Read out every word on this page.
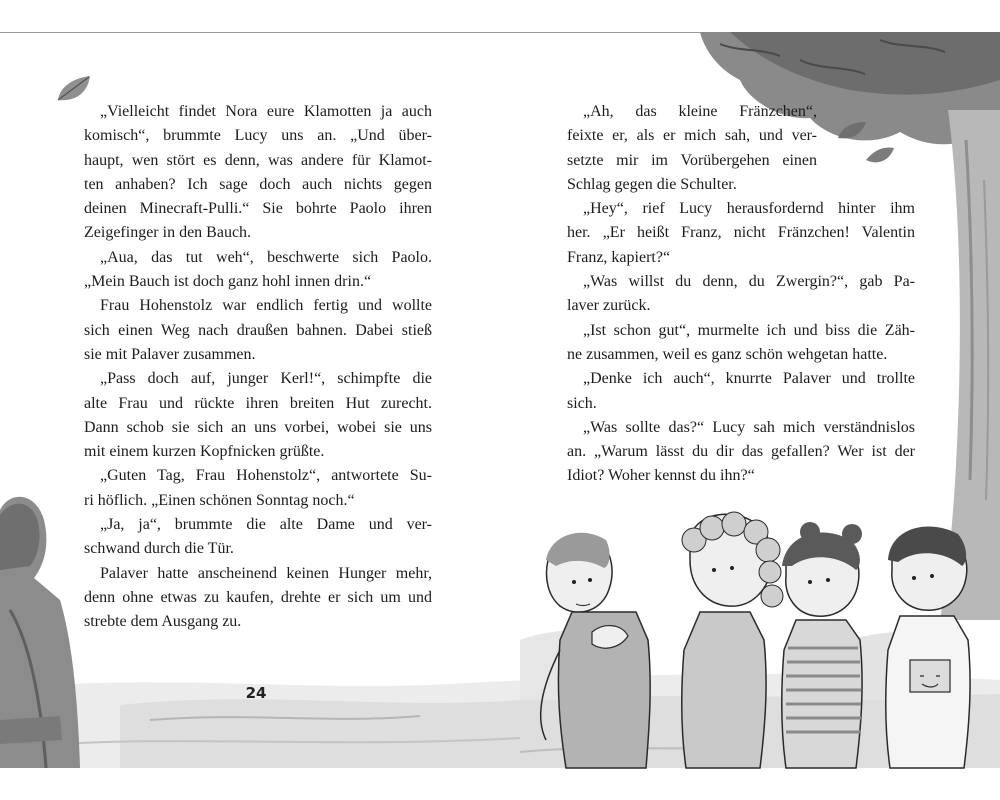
„Vielleicht findet Nora eure Klamotten ja auch

komisch“, brummte Lucy uns an. „Und über-

haupt, wen stört es denn, was andere für Klamot-

ten anhaben? Ich sage doch auch nichts gegen

deinen Minecraft-Pulli.“ Sie bohrte Paolo ihren

Zeigefinger in den Bauch.

„Aua, das tut weh“, beschwerte sich Paolo.

„Mein Bauch ist doch ganz hohl innen drin.“

Frau Hohenstolz war endlich fertig und wollte

sich einen Weg nach draußen bahnen. Dabei stieß

sie mit Palaver zusammen.

„Pass doch auf, junger Kerl!“, schimpfte die

alte Frau und rückte ihren breiten Hut zurecht.

Dann schob sie sich an uns vorbei, wobei sie uns

mit einem kurzen Kopfnicken grüßte.

„Guten Tag, Frau Hohenstolz“, antwortete Su-

ri höflich. „Einen schönen Sonntag noch.“

„Ja, ja“, brummte die alte Dame und ver-

schwand durch die Tür.

Palaver hatte anscheinend keinen Hunger mehr,

denn ohne etwas zu kaufen, drehte er sich um und

strebte dem Ausgang zu.

24

„Ah, das kleine Fränzchen“,

feixte er, als er mich sah, und ver-

setzte mir im Vorübergehen einen

Schlag gegen die Schulter.

„Hey“, rief Lucy herausfordernd hinter ihm

her. „Er heißt Franz, nicht Fränzchen! Valentin

Franz, kapiert?“

„Was willst du denn, du Zwergin?“, gab Pa-

laver zurück.

„Ist schon gut“, murmelte ich und biss die Zäh-

ne zusammen, weil es ganz schön wehgetan hatte.

„Denke ich auch“, knurrte Palaver und trollte

sich.

„Was sollte das?“ Lucy sah mich verständnislos

an. „Warum lässt du dir das gefallen? Wer ist der

Idiot? Woher kennst du ihn?“
